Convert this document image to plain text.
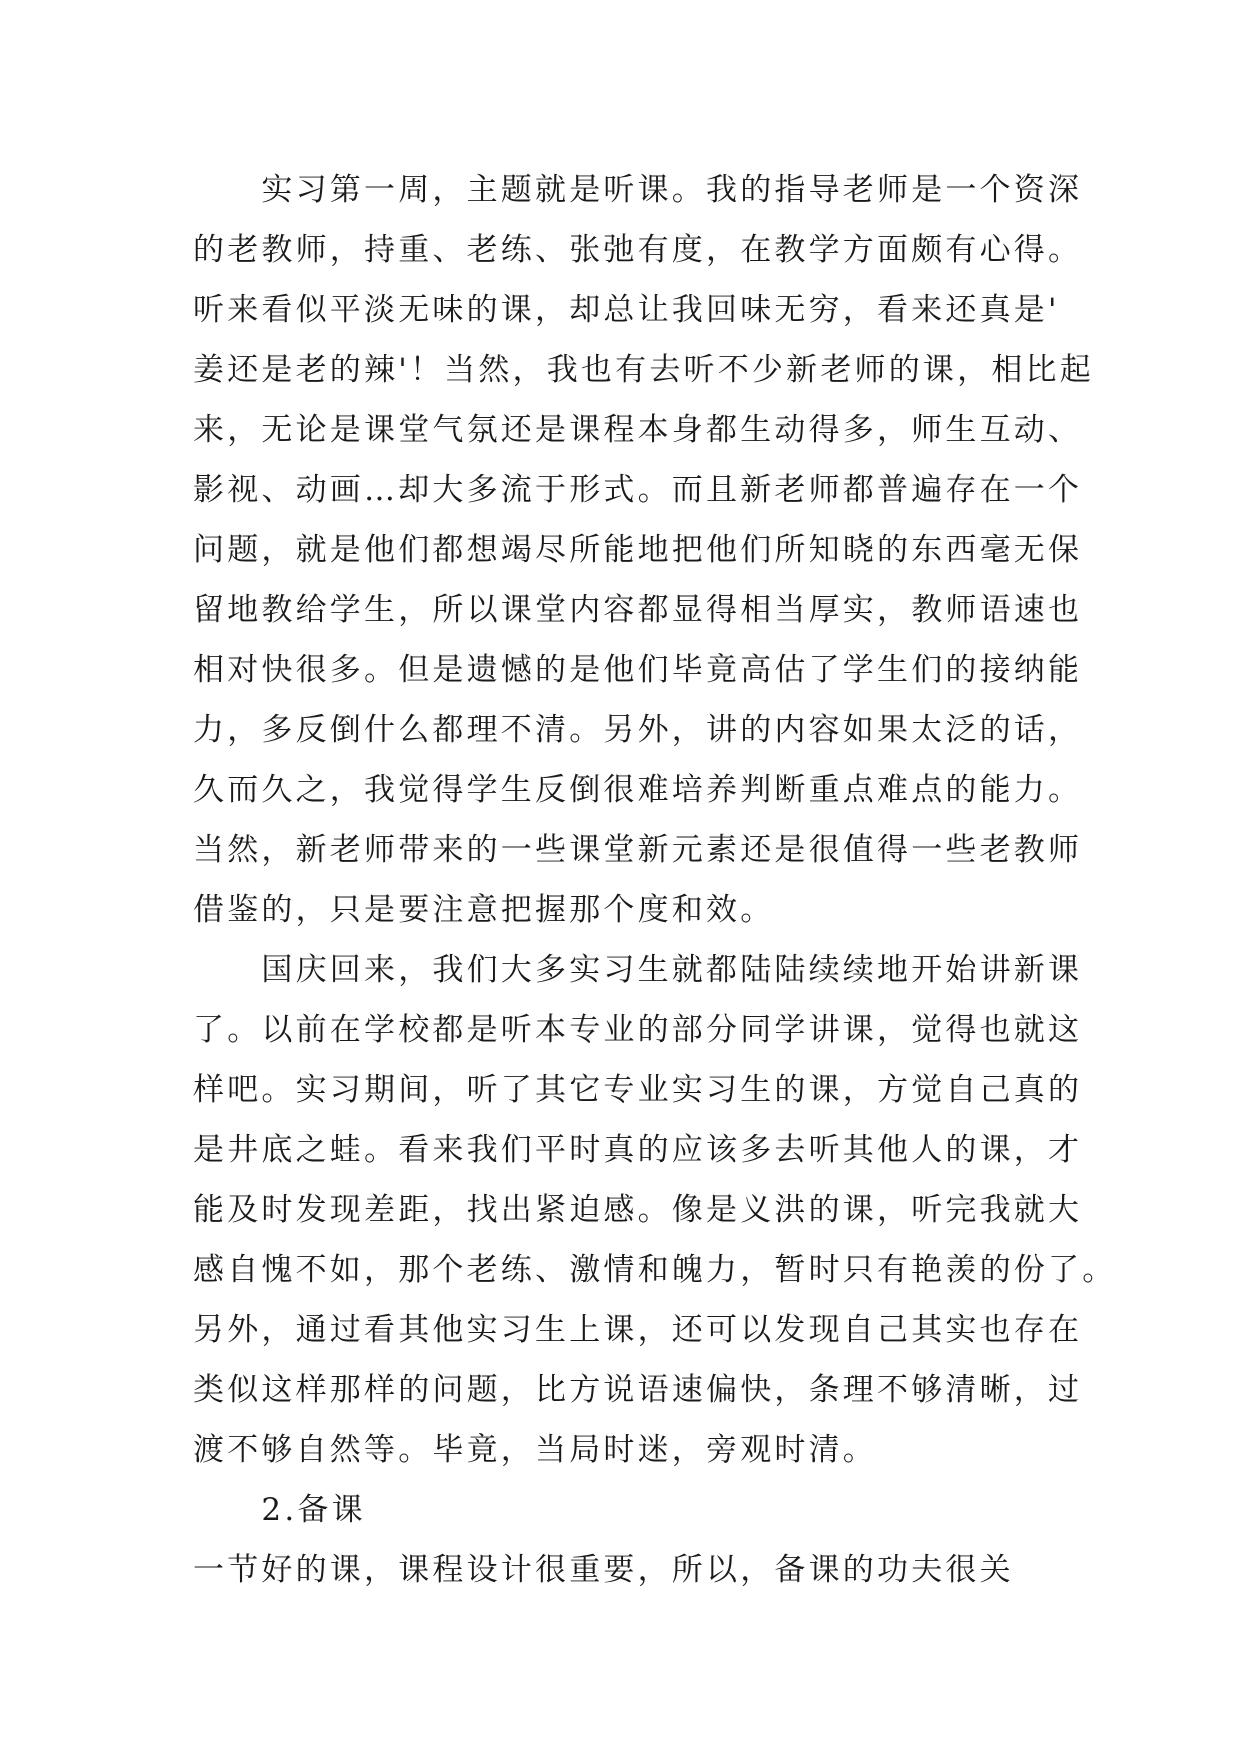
　　实习第一周，主题就是听课。我的指导老师是一个资深
的老教师，持重、老练、张弛有度，在教学方面颇有心得。
听来看似平淡无味的课，却总让我回味无穷，看来还真是'
姜还是老的辣'！当然，我也有去听不少新老师的课，相比起
来，无论是课堂气氛还是课程本身都生动得多，师生互动、
影视、动画…却大多流于形式。而且新老师都普遍存在一个
问题，就是他们都想竭尽所能地把他们所知晓的东西毫无保
留地教给学生，所以课堂内容都显得相当厚实，教师语速也
相对快很多。但是遗憾的是他们毕竟高估了学生们的接纳能
力，多反倒什么都理不清。另外，讲的内容如果太泛的话，
久而久之，我觉得学生反倒很难培养判断重点难点的能力。
当然，新老师带来的一些课堂新元素还是很值得一些老教师
借鉴的，只是要注意把握那个度和效。
　　国庆回来，我们大多实习生就都陆陆续续地开始讲新课
了。以前在学校都是听本专业的部分同学讲课，觉得也就这
样吧。实习期间，听了其它专业实习生的课，方觉自己真的
是井底之蛙。看来我们平时真的应该多去听其他人的课，才
能及时发现差距，找出紧迫感。像是义洪的课，听完我就大
感自愧不如，那个老练、激情和魄力，暂时只有艳羡的份了。
另外，通过看其他实习生上课，还可以发现自己其实也存在
类似这样那样的问题，比方说语速偏快，条理不够清晰，过
渡不够自然等。毕竟，当局时迷，旁观时清。
　　2.备课
一节好的课，课程设计很重要，所以，备课的功夫很关
